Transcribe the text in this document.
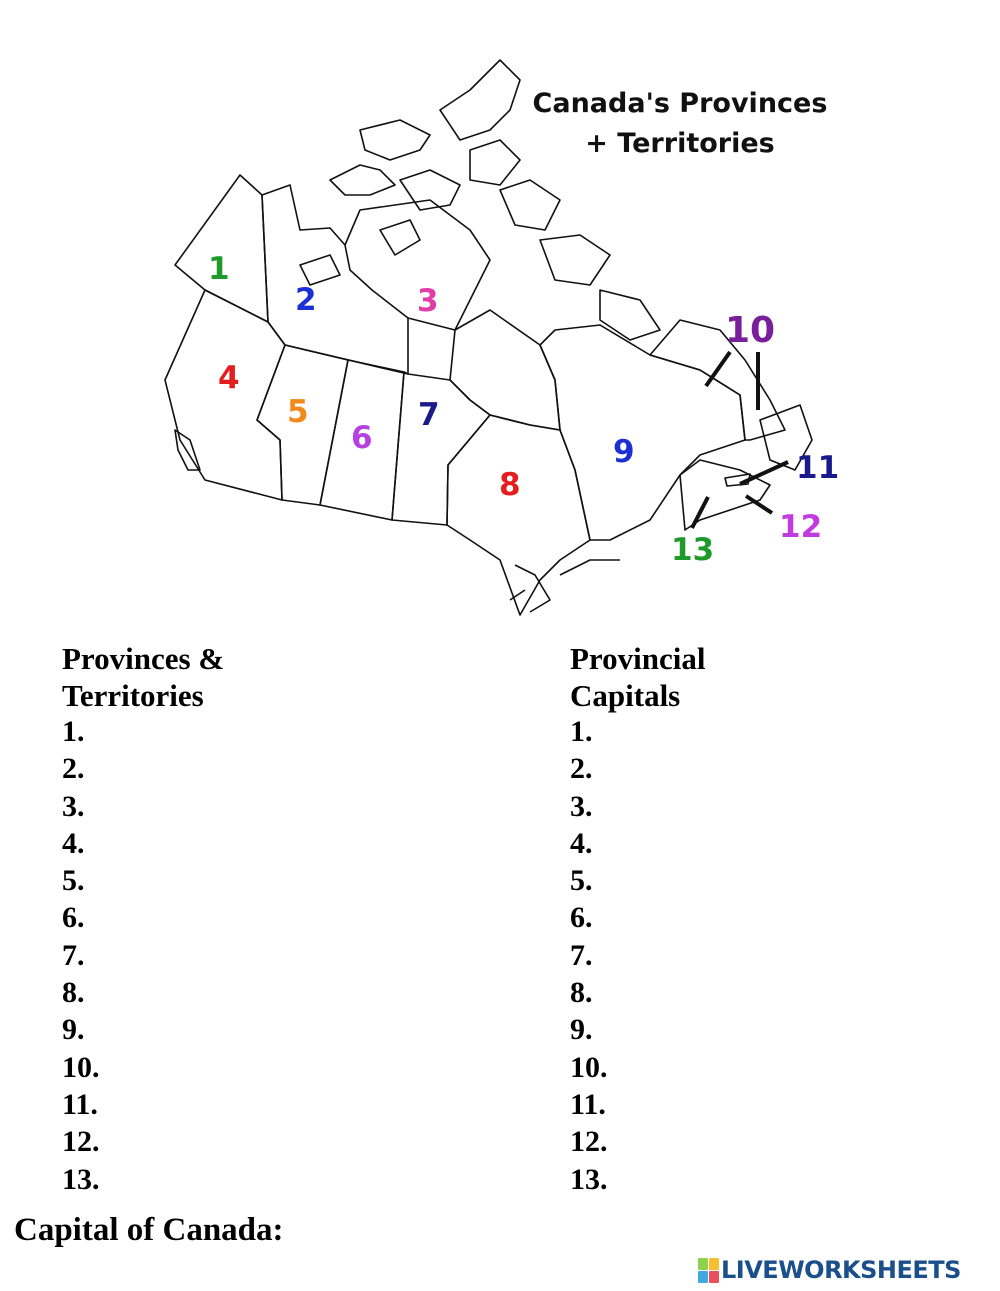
Canada's Provinces
+ Territories
1
2	3
4
5
6
7
8
9
10
11
12
13
Provinces &
Territories
1.
2.
3.
4.
5.
6.
7.
8.
9.
10.
11.
12.
13.
Provincial
Capitals
1.
2.
3.
4.
5.
6.
7.
8.
9.
10.
11.
12.
13.
Capital of Canada:
LIVEWORKSHEETS
